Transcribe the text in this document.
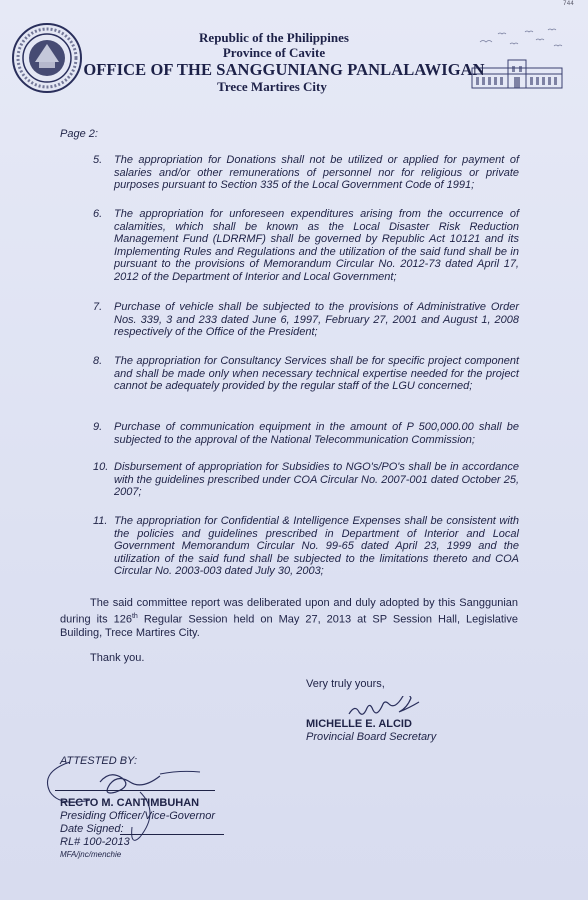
744
Republic of the Philippines
Province of Cavite
OFFICE OF THE SANGGUNIANG PANLALAWIGAN
Trece Martires City
Page 2:
5. The appropriation for Donations shall not be utilized or applied for payment of salaries and/or other remunerations of personnel nor for religious or private purposes pursuant to Section 335 of the Local Government Code of 1991;
6. The appropriation for unforeseen expenditures arising from the occurrence of calamities, which shall be known as the Local Disaster Risk Reduction Management Fund (LDRRMF) shall be governed by Republic Act 10121 and its Implementing Rules and Regulations and the utilization of the said fund shall be in pursuant to the provisions of Memorandum Circular No. 2012-73 dated April 17, 2012 of the Department of Interior and Local Government;
7. Purchase of vehicle shall be subjected to the provisions of Administrative Order Nos. 339, 3 and 233 dated June 6, 1997, February 27, 2001 and August 1, 2008 respectively of the Office of the President;
8. The appropriation for Consultancy Services shall be for specific project component and shall be made only when necessary technical expertise needed for the project cannot be adequately provided by the regular staff of the LGU concerned;
9. Purchase of communication equipment in the amount of P 500,000.00 shall be subjected to the approval of the National Telecommunication Commission;
10. Disbursement of appropriation for Subsidies to NGO's/PO's shall be in accordance with the guidelines prescribed under COA Circular No. 2007-001 dated October 25, 2007;
11. The appropriation for Confidential & Intelligence Expenses shall be consistent with the policies and guidelines prescribed in Department of Interior and Local Government Memorandum Circular No. 99-65 dated April 23, 1999 and the utilization of the said fund shall be subjected to the limitations thereto and COA Circular No. 2003-003 dated July 30, 2003;
The said committee report was deliberated upon and duly adopted by this Sanggunian during its 126th Regular Session held on May 27, 2013 at SP Session Hall, Legislative Building, Trece Martires City.
Thank you.
Very truly yours,
MICHELLE E. ALCID
Provincial Board Secretary
ATTESTED BY:
RECTO M. CANTIMBUHAN
Presiding Officer/Vice-Governor
Date Signed:
RL# 100-2013
MFA/jnc/menchie
